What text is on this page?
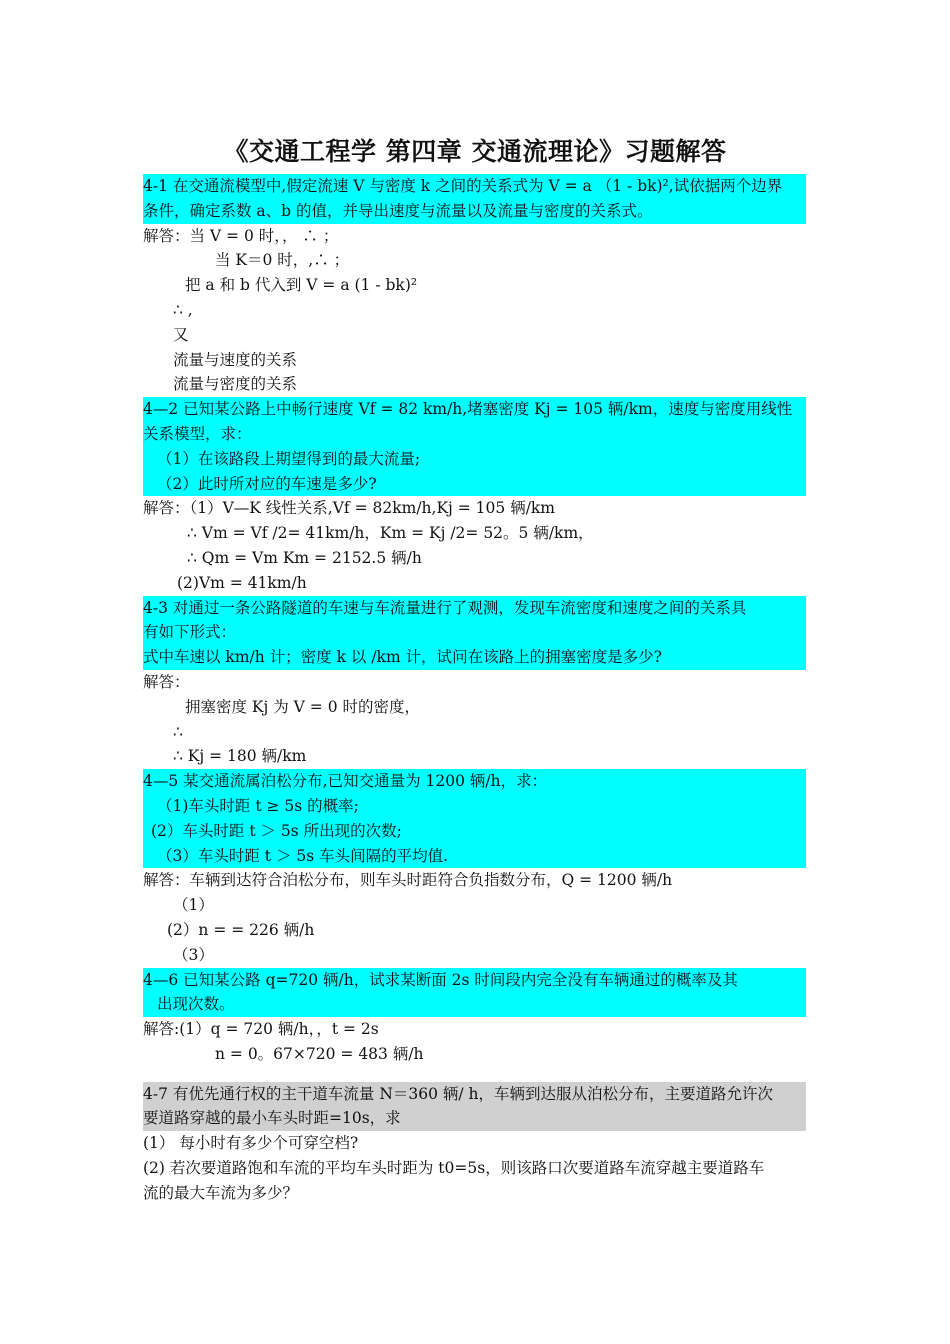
《交通工程学 第四章 交通流理论》习题解答
4-1 在交通流模型中,假定流速 V 与密度 k 之间的关系式为 V = a （1 - bk)²,试依据两个边界
条件，确定系数 a、b 的值，并导出速度与流量以及流量与密度的关系式。
解答：当 V = 0 时，， ∴ ；
当 K＝0 时，,∴ ；
把 a 和 b 代入到 V = a (1 - bk)²
∴ ,
又
流量与速度的关系
流量与密度的关系
4—2 已知某公路上中畅行速度 Vf = 82 km/h,堵塞密度 Kj = 105 辆/km，速度与密度用线性
关系模型，求：
（1）在该路段上期望得到的最大流量;
（2）此时所对应的车速是多少?
解答：（1）V—K 线性关系,Vf = 82km/h,Kj = 105 辆/km
∴ Vm = Vf /2= 41km/h，Km = Kj /2= 52。5 辆/km，
∴ Qm = Vm Km = 2152.5 辆/h
(2)Vm = 41km/h
4-3 对通过一条公路隧道的车速与车流量进行了观测，发现车流密度和速度之间的关系具
有如下形式：
式中车速以 km/h 计；密度 k 以 /km 计，试问在该路上的拥塞密度是多少?
解答：
拥塞密度 Kj 为 V = 0 时的密度，
∴
∴ Kj = 180 辆/km
4—5 某交通流属泊松分布,已知交通量为 1200 辆/h，求：
（1)车头时距 t ≥ 5s 的概率;
(2）车头时距 t ＞ 5s 所出现的次数;
（3）车头时距 t ＞ 5s 车头间隔的平均值.
解答：车辆到达符合泊松分布，则车头时距符合负指数分布，Q = 1200 辆/h
（1）
(2）n = = 226 辆/h
（3）
4—6 已知某公路 q=720 辆/h，试求某断面 2s 时间段内完全没有车辆通过的概率及其
出现次数。
解答:(1）q = 720 辆/h，，t = 2s
n = 0。67×720 = 483 辆/h
4-7 有优先通行权的主干道车流量 N＝360 辆/ h，车辆到达服从泊松分布，主要道路允许次
要道路穿越的最小车头时距=10s，求
(1） 每小时有多少个可穿空档?
(2) 若次要道路饱和车流的平均车头时距为 t0=5s，则该路口次要道路车流穿越主要道路车
流的最大车流为多少？
